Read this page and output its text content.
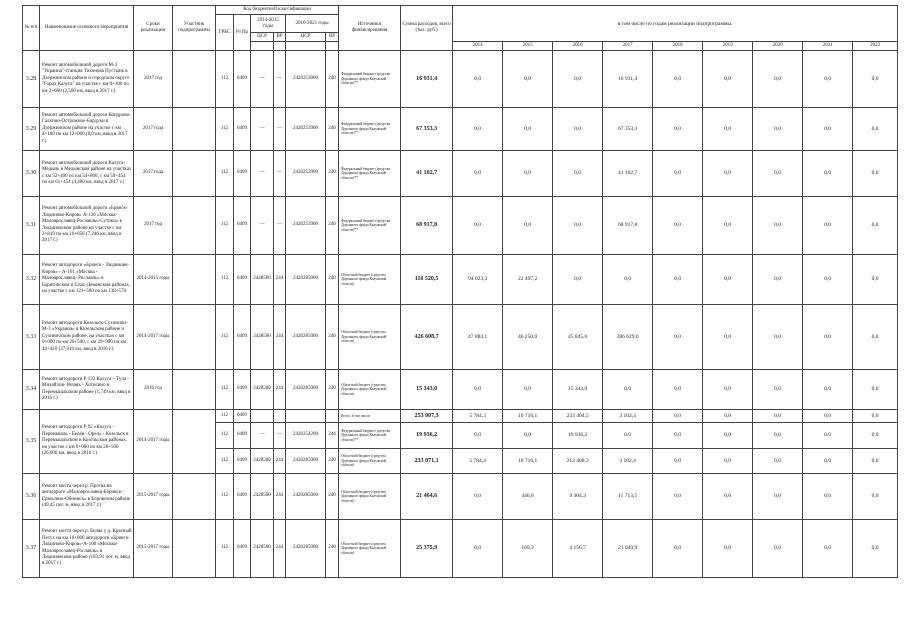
№ п/п	Наименование основного мероприятия	Сроки реализации	Участник подпрограммы	Код бюджетной классификации						Источники финансирования	Сумма расходов, всего (тыс. руб.)	в том числе по годам реализации подпрограммы:								
				ГРБС	Рз Пр	2014-2015 годы		2016-2021 годы												
						ЦСР	ВР	ЦСР	ВР											
												2014	2015	2016	2017	2018	2019	2020	2021	2022
3.28	Ремонт автомобильной дороги М-3 "Украина"-станция Тихонова Пустынь в Дзержинском районе и городском округе "Город Калуга" на участке с км 0+100 по км 2+600 (2,500 км, ввод в 2017 г.)	2017 год		112	0409	—	—	2420253000	240	Федеральный бюджет (средства Дорожного фонда Калужской области)**	16 931,4	0,0	0,0	0,0	16 931,4	0,0	0,0	0,0	0,0	0,0
3.29	Ремонт автомобильной дороги Кондрово-Галкино-Острожное-Бардуки в Дзержинском районе на участке с км 4+100 по км 12+000 (8,0 км, ввод в 2017 г.)	2017 года		112	0409	—	—	2420253900	240	Федеральный бюджет (средства Дорожного фонда Калужской области)**	67 353,3	0,0	0,0	0,0	67 353,3	0,0	0,0	0,0	0,0	0,0
3.30	Ремонт автомобильной дороги Калуга-Медынь в Медынском районе на участках с км 52+400 по км 54+800, с км 59+454 по км 61+454 (4,400 км, ввод в 2017 г.)	2017 года		112	0409	—	—	2420253900	240	Федеральный бюджет (средства Дорожного фонда Калужской области)**	41 102,7	0,0	0,0	0,0	41 102,7	0,0	0,0	0,0	0,0	0,0
3.31	Ремонт автомобильной дороги «Брянск-Людиново-Киров» А-130 «Москва-Малоярославец-Рославль»-Сутоки» в Людиновском районе на участке с км 2+810 по км 10+056 (7,246 км, ввод в 2017 г.)	2017 год		112	0409	—	—	2420253900	240	Федеральный бюджет (средства Дорожного фонда Калужской области)**	68 917,8	0,0	0,0	0,0	68 917,8	0,0	0,0	0,0	0,0	0,0
3.32	Ремонт автодороги «Брянск - Людиново- Киров» - А-101 «Москва - Малоярославец- Рославль» в Барятинском и Спас-Деменском районах, на участке с км 121+500 по км 138+570	2014-2015 годы		112	0409	2428500	244	2420285000	240	Областной бюджет (средства Дорожного фонда Калужской области)	116 520,5	94 023,3	22 497,2	0,0	0,0	0,0	0,0	0,0	0,0	0,0
3.33	Ремонт автодороги Козельск-Сухиничи-М-3 «Украина» в Козельском районе и Сухиничском районе, на участках с км 0+000 по км 26+500, с км 29+900 по км 40+410 (37,010 км, ввод в 2016 г.)	2014-2017 годы		112	0409	2428500	244	2420285000	240	Областной бюджет (средства Дорожного фонда Калужской области)	426 608,7	47 884,1	46 250,0	45 845,6	286 629,0	0,0	0,0	0,0	0,0	0,0
3.34	Ремонт автодороги Р 132 Калуга – Тула – Михайлов- Рязань - Хотисино в Перемышльском районе (1,749 км, ввод в 2016 г.)	2016 год		112	0409	2428500	244	2420285000	240	Областной бюджет (средства Дорожного фонда Калужской области)	15 343,0	0,0	0,0	15 343,0	0,0	0,0	0,0	0,0	0,0	0,0
3.35	Ремонт автодороги Р 92 «Калуга - Перемышль - Белёв - Орел» - Козельск в Перемышльском и Козельском районах, на участке с км 0+000 по км 26+500 (26,006 км, ввод в 2016 г.)	2014-2017 годы		112	0409					Всего, в том числе:	253 007,3	5 784,3	10 716,1	233 404,5	3 102,4	0,0	0,0	0,0	0,0	0,0
				112	0409	—	—	2420254200	244	Федеральный бюджет (средства Дорожного фонда Калужской области)**	19 936,2	0,0	0,0	19 936,2	0,0	0,0	0,0	0,0	0,0	0,0
				112	0409	2428500	244	2420285000	240	Областной бюджет (средства Дорожного фонда Калужской области)	233 071,1	5 784,3	10 716,1	213 468,3	3 102,4	0,0	0,0	0,0	0,0	0,0
3.36	Ремонт моста через р. Протва на автодороге «Малоярославец-Боровск-Ермолино-Обнинск» в Боровском районе (49,45 пог. м, ввод в 2017 г.)	2015-2017 годы		112	0409	2428500	244	2420285000	240	Областной бюджет (средства Дорожного фонда Калужской области)	21 464,6	0,0	446,8	9 304,3	11 713,5	0,0	0,0	0,0	0,0	0,0
3.37	Ремонт моста через р. Болва у д. Красный Петух на км 10+000 автодороги «Брянск-Людиново-Киров»-А-108 «Москва-Малоярославец-Рославль» в Людиновском районе (103,91 пог. м, ввод в 2017 г.)	2015-2017 годы		112	0409	2428500	244	2420285000	240	Областной бюджет (средства Дорожного фонда Калужской области)	25 375,9	0,0	169,3	4 156,7	21 049,9	0,0	0,0	0,0	0,0	0,0
